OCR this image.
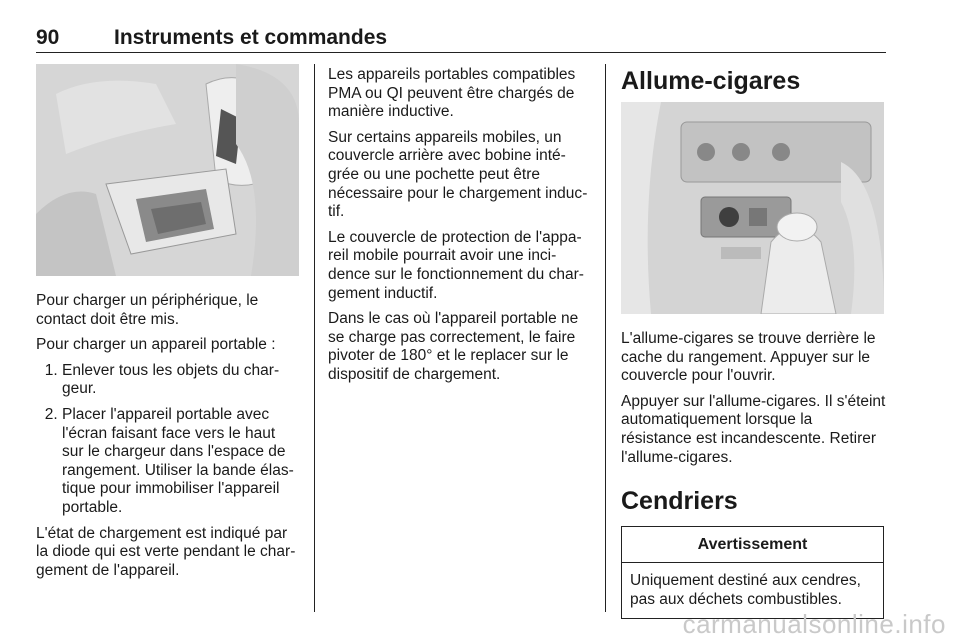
90	Instruments et commandes

Pour charger un périphérique, le contact doit être mis.

Pour charger un appareil portable :

1. Enlever tous les objets du chargeur.
2. Placer l'appareil portable avec l'écran faisant face vers le haut sur le chargeur dans l'espace de rangement. Utiliser la bande élastique pour immobiliser l'appareil portable.

L'état de chargement est indiqué par la diode qui est verte pendant le chargement de l'appareil.

Les appareils portables compatibles PMA ou QI peuvent être chargés de manière inductive.

Sur certains appareils mobiles, un couvercle arrière avec bobine intégrée ou une pochette peut être nécessaire pour le chargement inductif.

Le couvercle de protection de l'appareil mobile pourrait avoir une incidence sur le fonctionnement du chargement inductif.

Dans le cas où l'appareil portable ne se charge pas correctement, le faire pivoter de 180° et le replacer sur le dispositif de chargement.

Allume-cigares

L'allume-cigares se trouve derrière le cache du rangement. Appuyer sur le couvercle pour l'ouvrir.

Appuyer sur l'allume-cigares. Il s'éteint automatiquement lorsque la résistance est incandescente. Retirer l'allume-cigares.

Cendriers
Avertissement
Uniquement destiné aux cendres, pas aux déchets combustibles.
carmanualsonline.info
